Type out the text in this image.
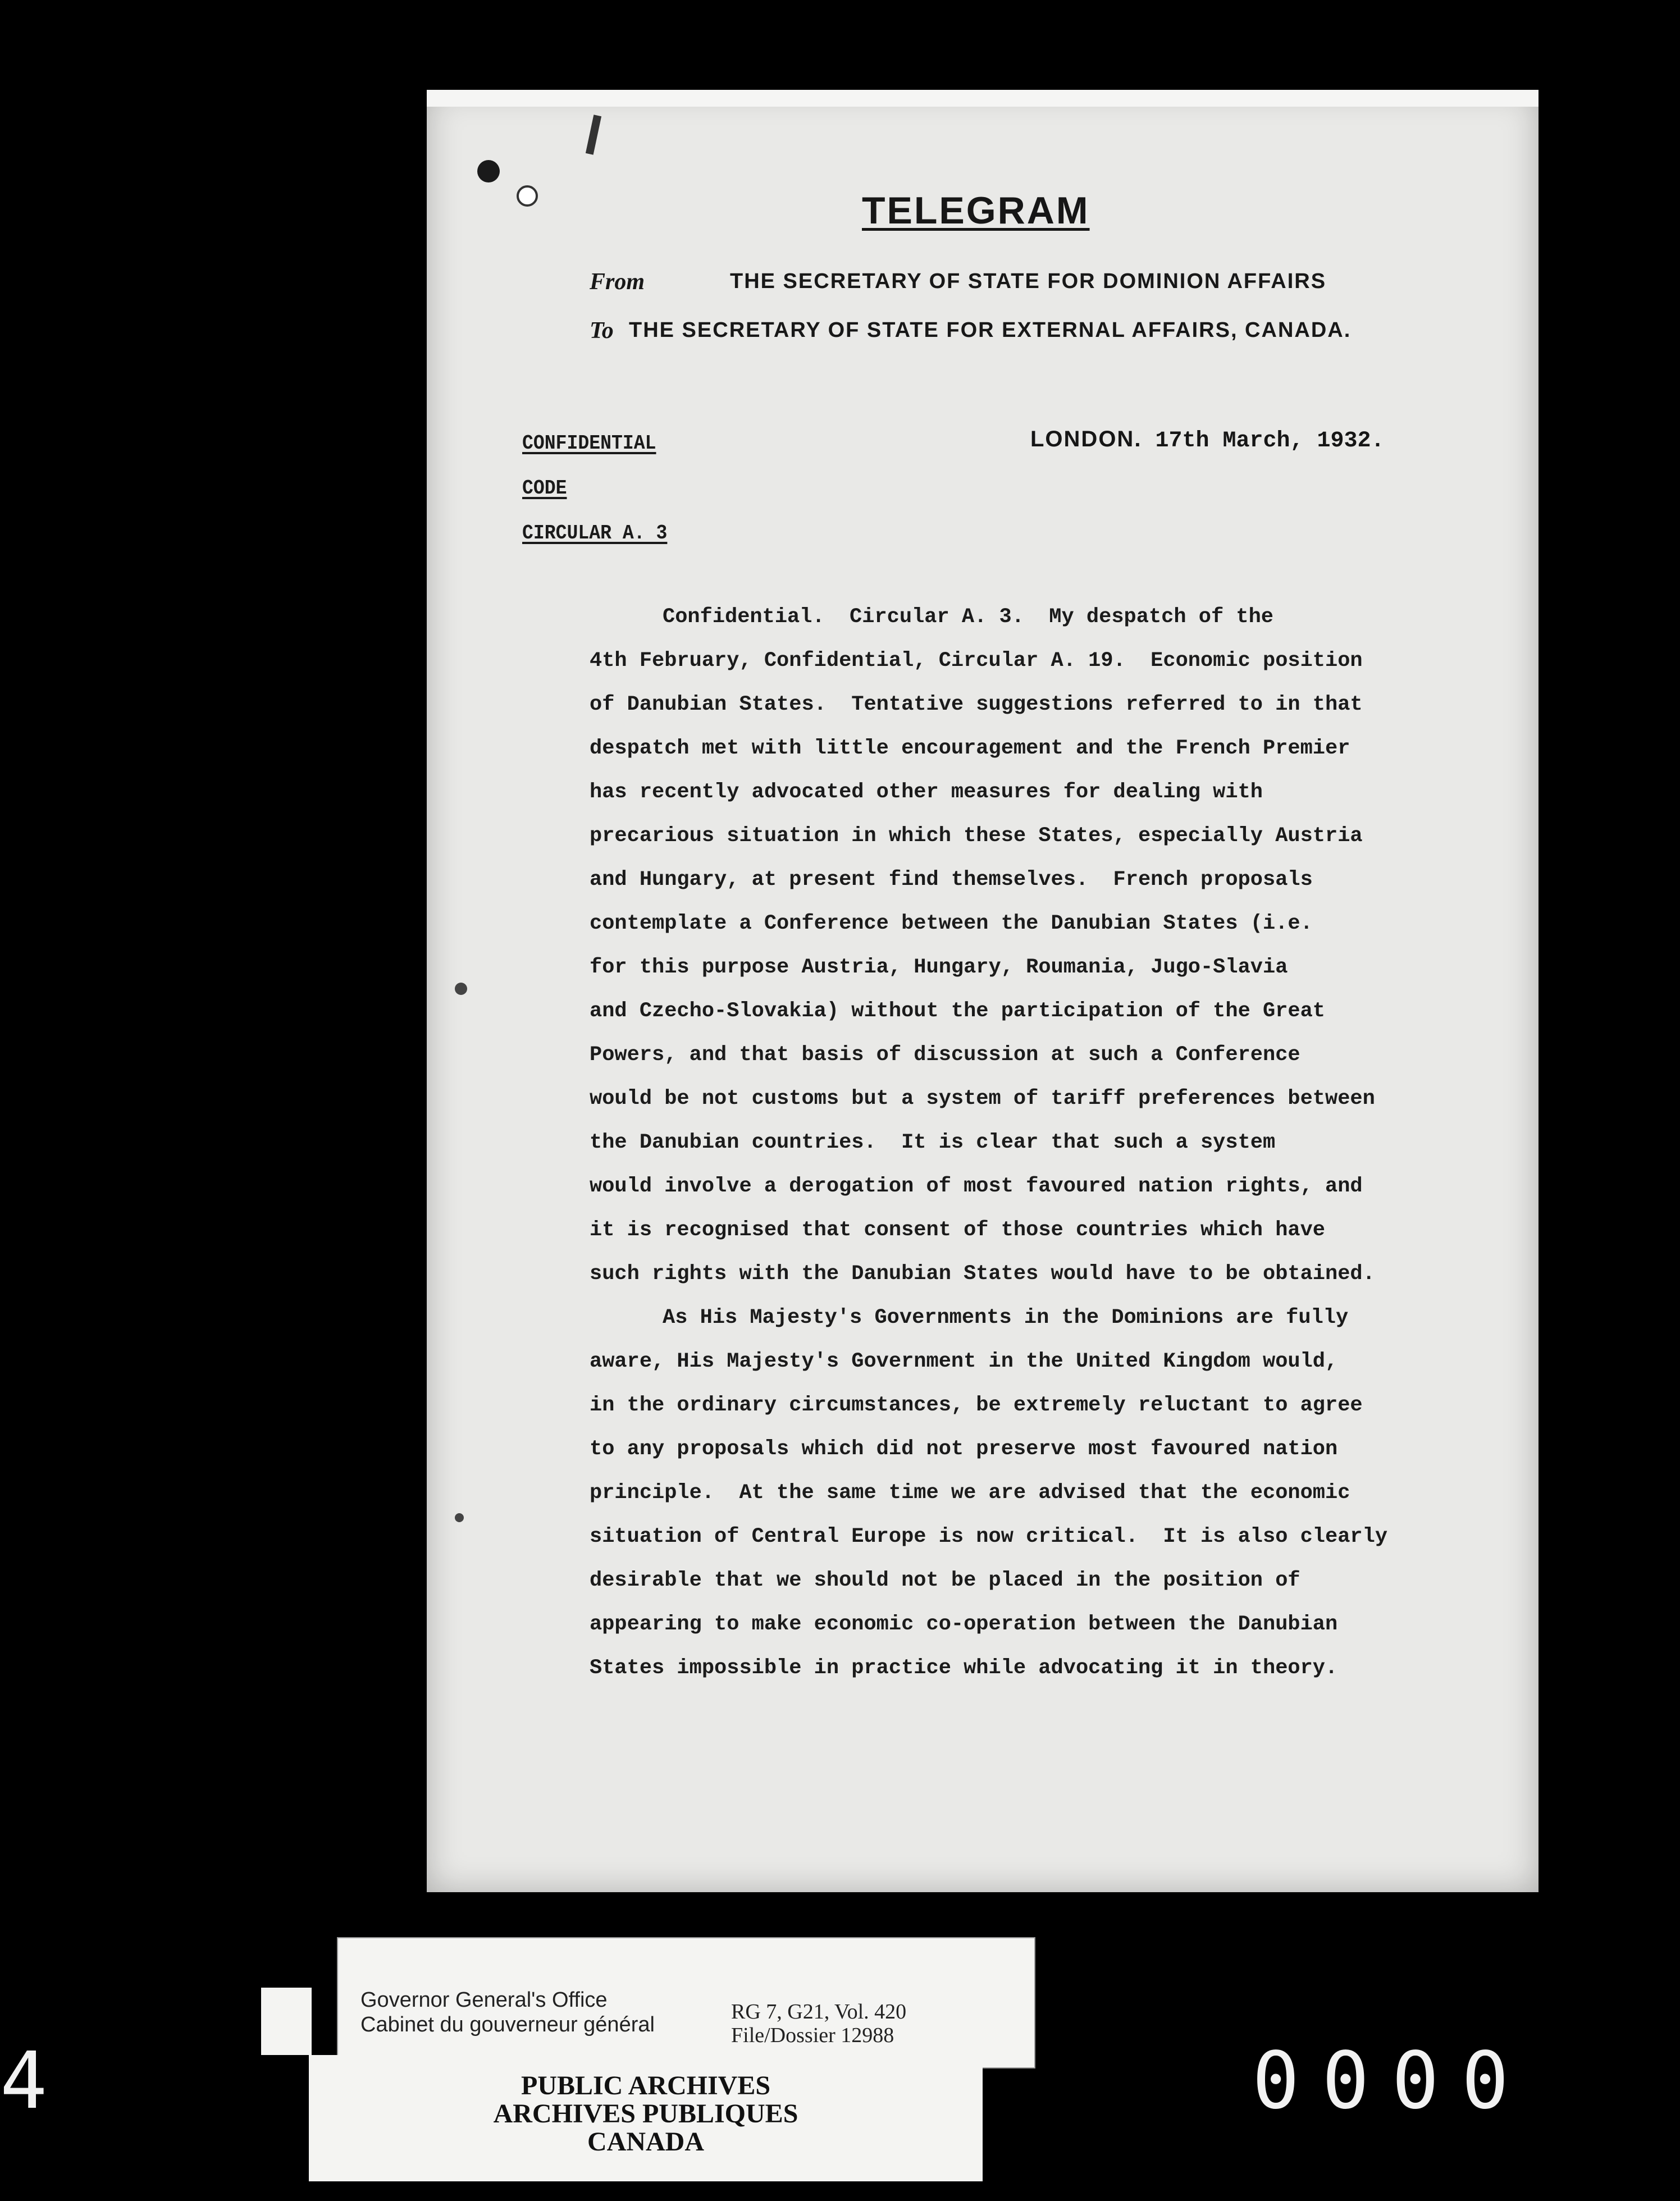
TELEGRAM
From	THE SECRETARY OF STATE FOR DOMINION AFFAIRS
To THE SECRETARY OF STATE FOR EXTERNAL AFFAIRS, CANADA.
CONFIDENTIAL
CODE
CIRCULAR A. 3
LONDON. 17th March, 1932.
Confidential.  Circular A. 3.  My despatch of the
4th February, Confidential, Circular A. 19.  Economic position
of Danubian States.  Tentative suggestions referred to in that
despatch met with little encouragement and the French Premier
has recently advocated other measures for dealing with
precarious situation in which these States, especially Austria
and Hungary, at present find themselves.  French proposals
contemplate a Conference between the Danubian States (i.e.
for this purpose Austria, Hungary, Roumania, Jugo-Slavia
and Czecho-Slovakia) without the participation of the Great
Powers, and that basis of discussion at such a Conference
would be not customs but a system of tariff preferences between
the Danubian countries.  It is clear that such a system
would involve a derogation of most favoured nation rights, and
it is recognised that consent of those countries which have
such rights with the Danubian States would have to be obtained.
As His Majesty's Governments in the Dominions are fully
aware, His Majesty's Government in the United Kingdom would,
in the ordinary circumstances, be extremely reluctant to agree
to any proposals which did not preserve most favoured nation
principle.  At the same time we are advised that the economic
situation of Central Europe is now critical.  It is also clearly
desirable that we should not be placed in the position of
appearing to make economic co-operation between the Danubian
States impossible in practice while advocating it in theory.
Governor General's Office
Cabinet du gouverneur général
RG 7, G21, Vol. 420
File/Dossier 12988
PUBLIC ARCHIVES
ARCHIVES PUBLIQUES
CANADA
4	0000
